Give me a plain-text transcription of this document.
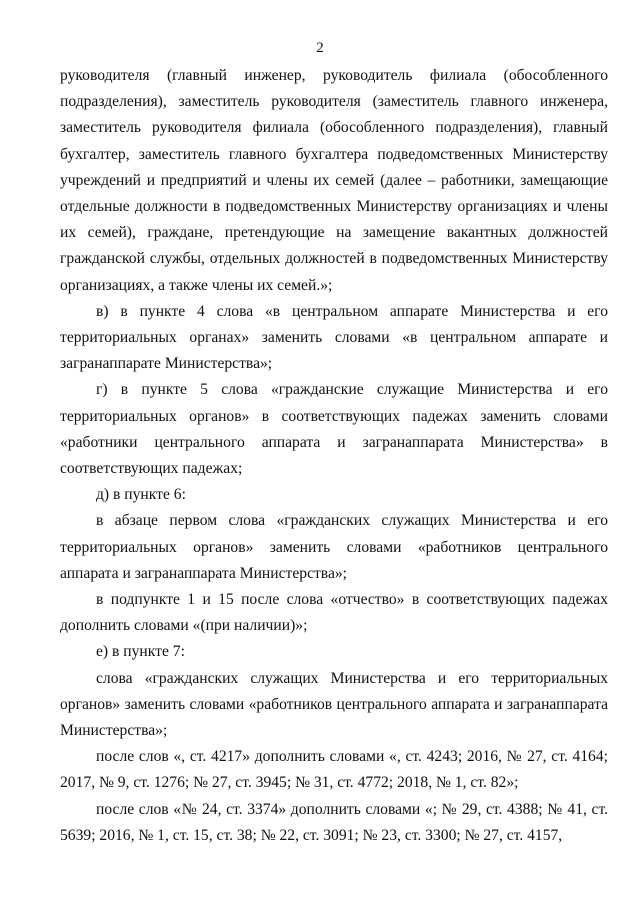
2

руководителя (главный инженер, руководитель филиала (обособленного подразделения), заместитель руководителя (заместитель главного инженера, заместитель руководителя филиала (обособленного подразделения), главный бухгалтер, заместитель главного бухгалтера подведомственных Министерству учреждений и предприятий и члены их семей (далее – работники, замещающие отдельные должности в подведомственных Министерству организациях и члены их семей), граждане, претендующие на замещение вакантных должностей гражданской службы, отдельных должностей в подведомственных Министерству организациях, а также члены их семей.»;

в) в пункте 4 слова «в центральном аппарате Министерства и его территориальных органах» заменить словами «в центральном аппарате и загранаппарате Министерства»;

г) в пункте 5 слова «гражданские служащие Министерства и его территориальных органов» в соответствующих падежах заменить словами «работники центрального аппарата и загранаппарата Министерства» в соответствующих падежах;

д) в пункте 6:

в абзаце первом слова «гражданских служащих Министерства и его территориальных органов» заменить словами «работников центрального аппарата и загранаппарата Министерства»;

в подпункте 1 и 15 после слова «отчество» в соответствующих падежах дополнить словами «(при наличии)»;

е) в пункте 7:

слова «гражданских служащих Министерства и его территориальных органов» заменить словами «работников центрального аппарата и загранаппарата Министерства»;

после слов «, ст. 4217» дополнить словами «, ст. 4243; 2016, № 27, ст. 4164; 2017, № 9, ст. 1276; № 27, ст. 3945; № 31, ст. 4772; 2018, № 1, ст. 82»;

после слов «№ 24, ст. 3374» дополнить словами «; № 29, ст. 4388; № 41, ст. 5639; 2016, № 1, ст. 15, ст. 38; № 22, ст. 3091; № 23, ст. 3300; № 27, ст. 4157,
